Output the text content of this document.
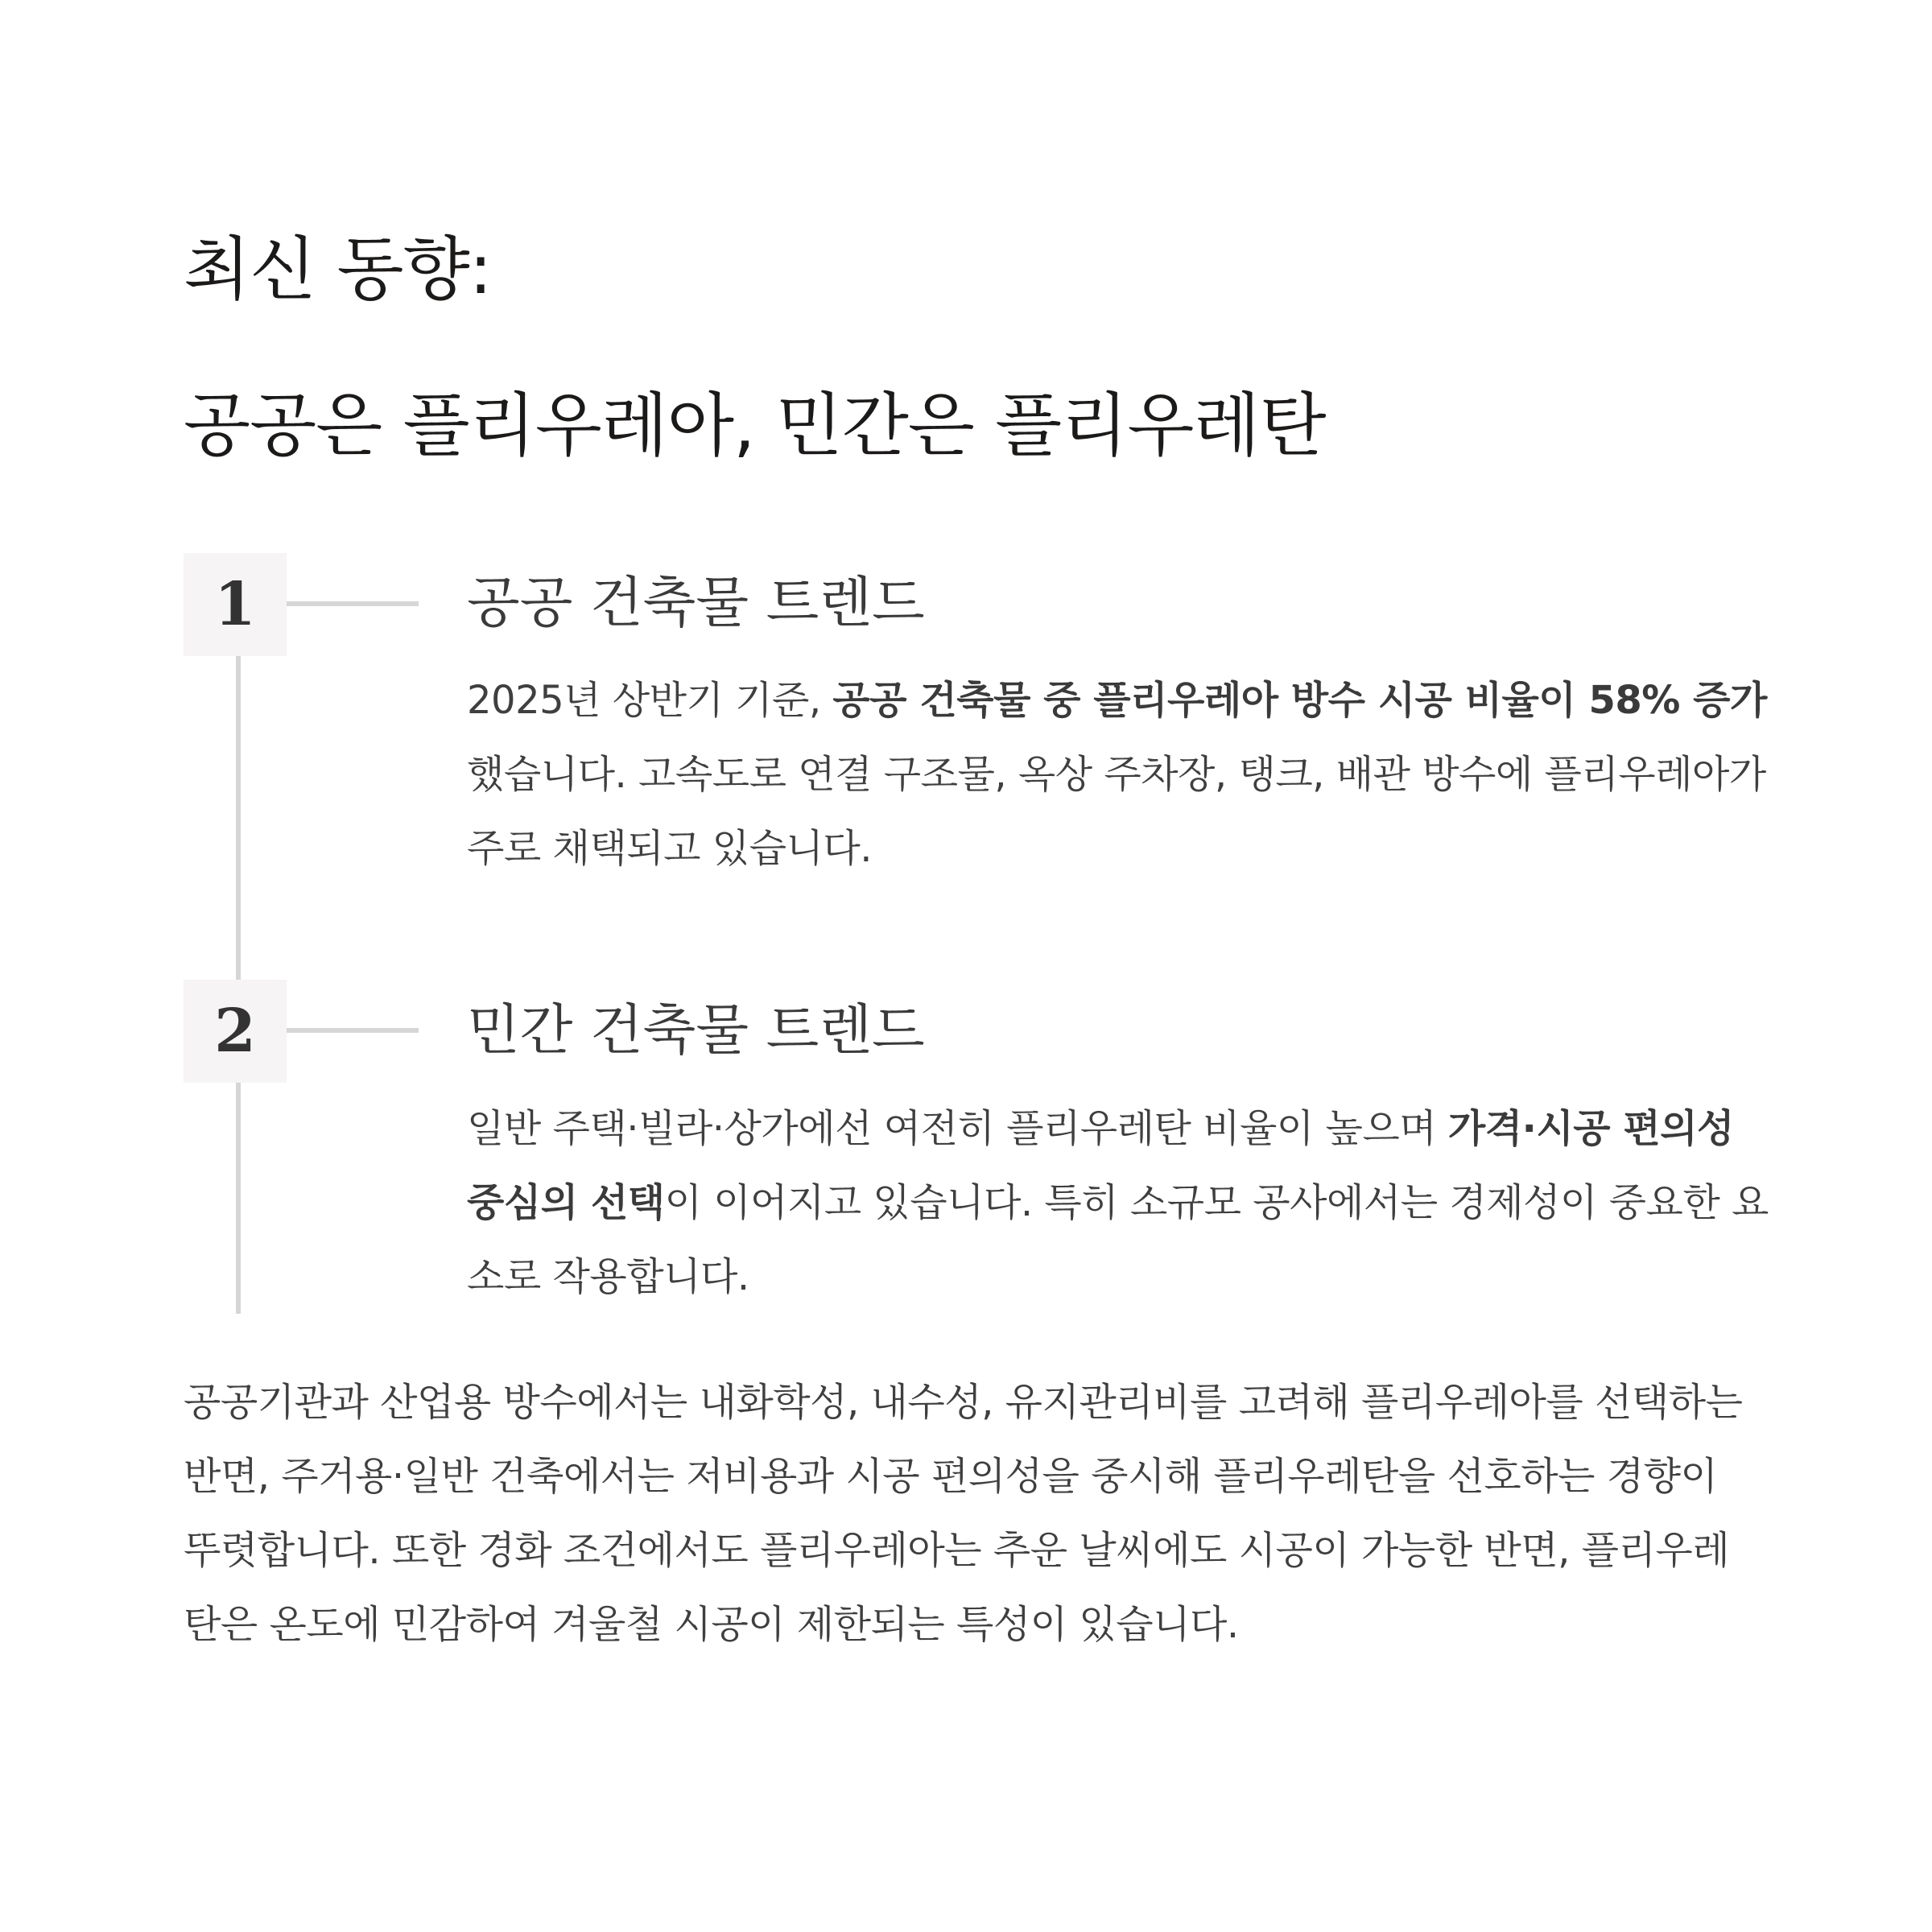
최신 동향:
공공은 플리우레아, 민간은 플리우레탄
1	공공 건축물 트렌드

2025년 상반기 기준, 공공 건축물 중 플리우레아 방수 시공 비율이 58% 증가했습니다. 고속도로 연결 구조물, 옥상 주차장, 탱크, 배관 방수에 플리우레아가 주로 채택되고 있습니다.

2	민간 건축물 트렌드

일반 주택·빌라·상가에선 여전히 플리우레탄 비율이 높으며 가격·시공 편의성 중심의 선택이 이어지고 있습니다. 특히 소규모 공사에서는 경제성이 중요한 요소로 작용합니다.

공공기관과 산업용 방수에서는 내화학성, 내수성, 유지관리비를 고려해 플리우레아를 선택하는 반면, 주거용·일반 건축에서는 저비용과 시공 편의성을 중시해 플리우레탄을 선호하는 경향이 뚜렷합니다. 또한 경화 조건에서도 플리우레아는 추운 날씨에도 시공이 가능한 반면, 플리우레탄은 온도에 민감하여 겨울철 시공이 제한되는 특성이 있습니다.
